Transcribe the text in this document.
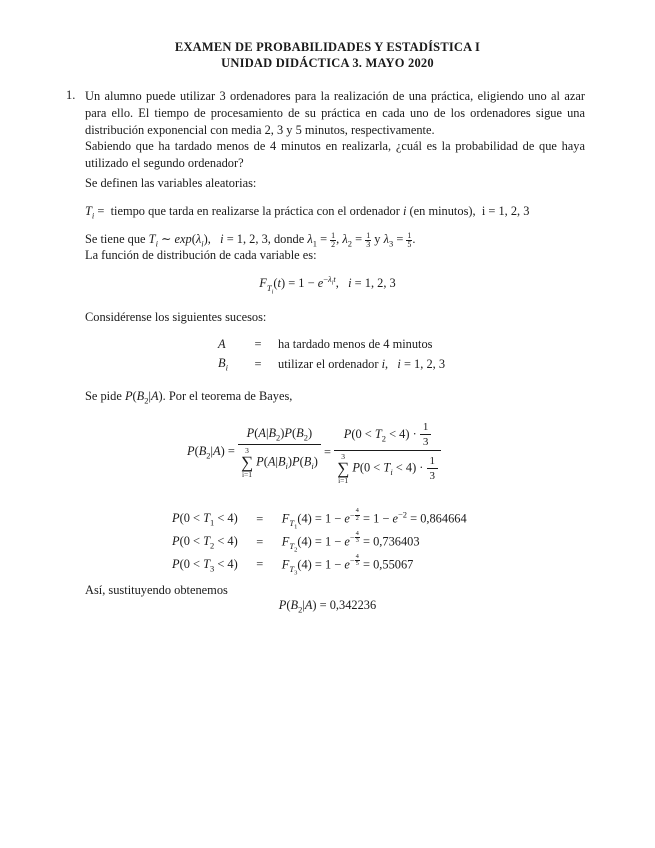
EXAMEN DE PROBABILIDADES Y ESTADÍSTICA I
UNIDAD DIDÁCTICA 3. MAYO 2020
1. Un alumno puede utilizar 3 ordenadores para la realización de una práctica, eligiendo uno al azar para ello. El tiempo de procesamiento de su práctica en cada uno de los ordenadores sigue una distribución exponencial con media 2, 3 y 5 minutos, respectivamente.
Sabiendo que ha tardado menos de 4 minutos en realizarla, ¿cuál es la probabilidad de que haya utilizado el segundo ordenador?
Se definen las variables aleatorias:
$T_i$ =  tiempo que tarda en realizarse la práctica con el ordenador i (en minutos), i = 1, 2, 3
Se tiene que $T_i$ ∼ $\exp(\lambda_i)$,   i = 1, 2, 3, donde $\lambda_1 = \frac{1}{2}$ , $\lambda_2 = \frac{1}{3}$ y $\lambda_3 = \frac{1}{5}$ .
La función de distribución de cada variable es:
$F_{T_i}(t) = 1 - e^{-\lambda_it}$,   i = 1, 2, 3
Considérense los siguientes sucesos:
A	=	ha tardado menos de 4 minutos
$B_i$	=	utilizar el ordenador i,   i = 1, 2, 3
Se pide $P(B_2|A)$. Por el teorema de Bayes,
$P(B_2|A) = P(A|B_2)P(B_2)$
3
∑
i=1
$P(A|B_i)P(B_i) = P(0 < T_2 < 4) \cdot \frac{1}{3}$
3
∑
i=1
$P(0 < T_i < 4) \cdot \frac{1}{3}$
$P(0 < T_1 < 4)$	=	$F_{T_1}(4) = 1 - e^{- \frac{4}{2}} = 1 - e^{-2} = 0,864664$
$P(0 < T_2 < 4)$	=	$F_{T_2}(4) = 1 - e^{- \frac{4}{3}} = 0,736403$
$P(0 < T_3 < 4)$	=	$F_{T_3}(4) = 1 - e^{- \frac{4}{5}} = 0,55067$
Así, sustituyendo obtenemos
$P(B_2|A) = 0,342236$
